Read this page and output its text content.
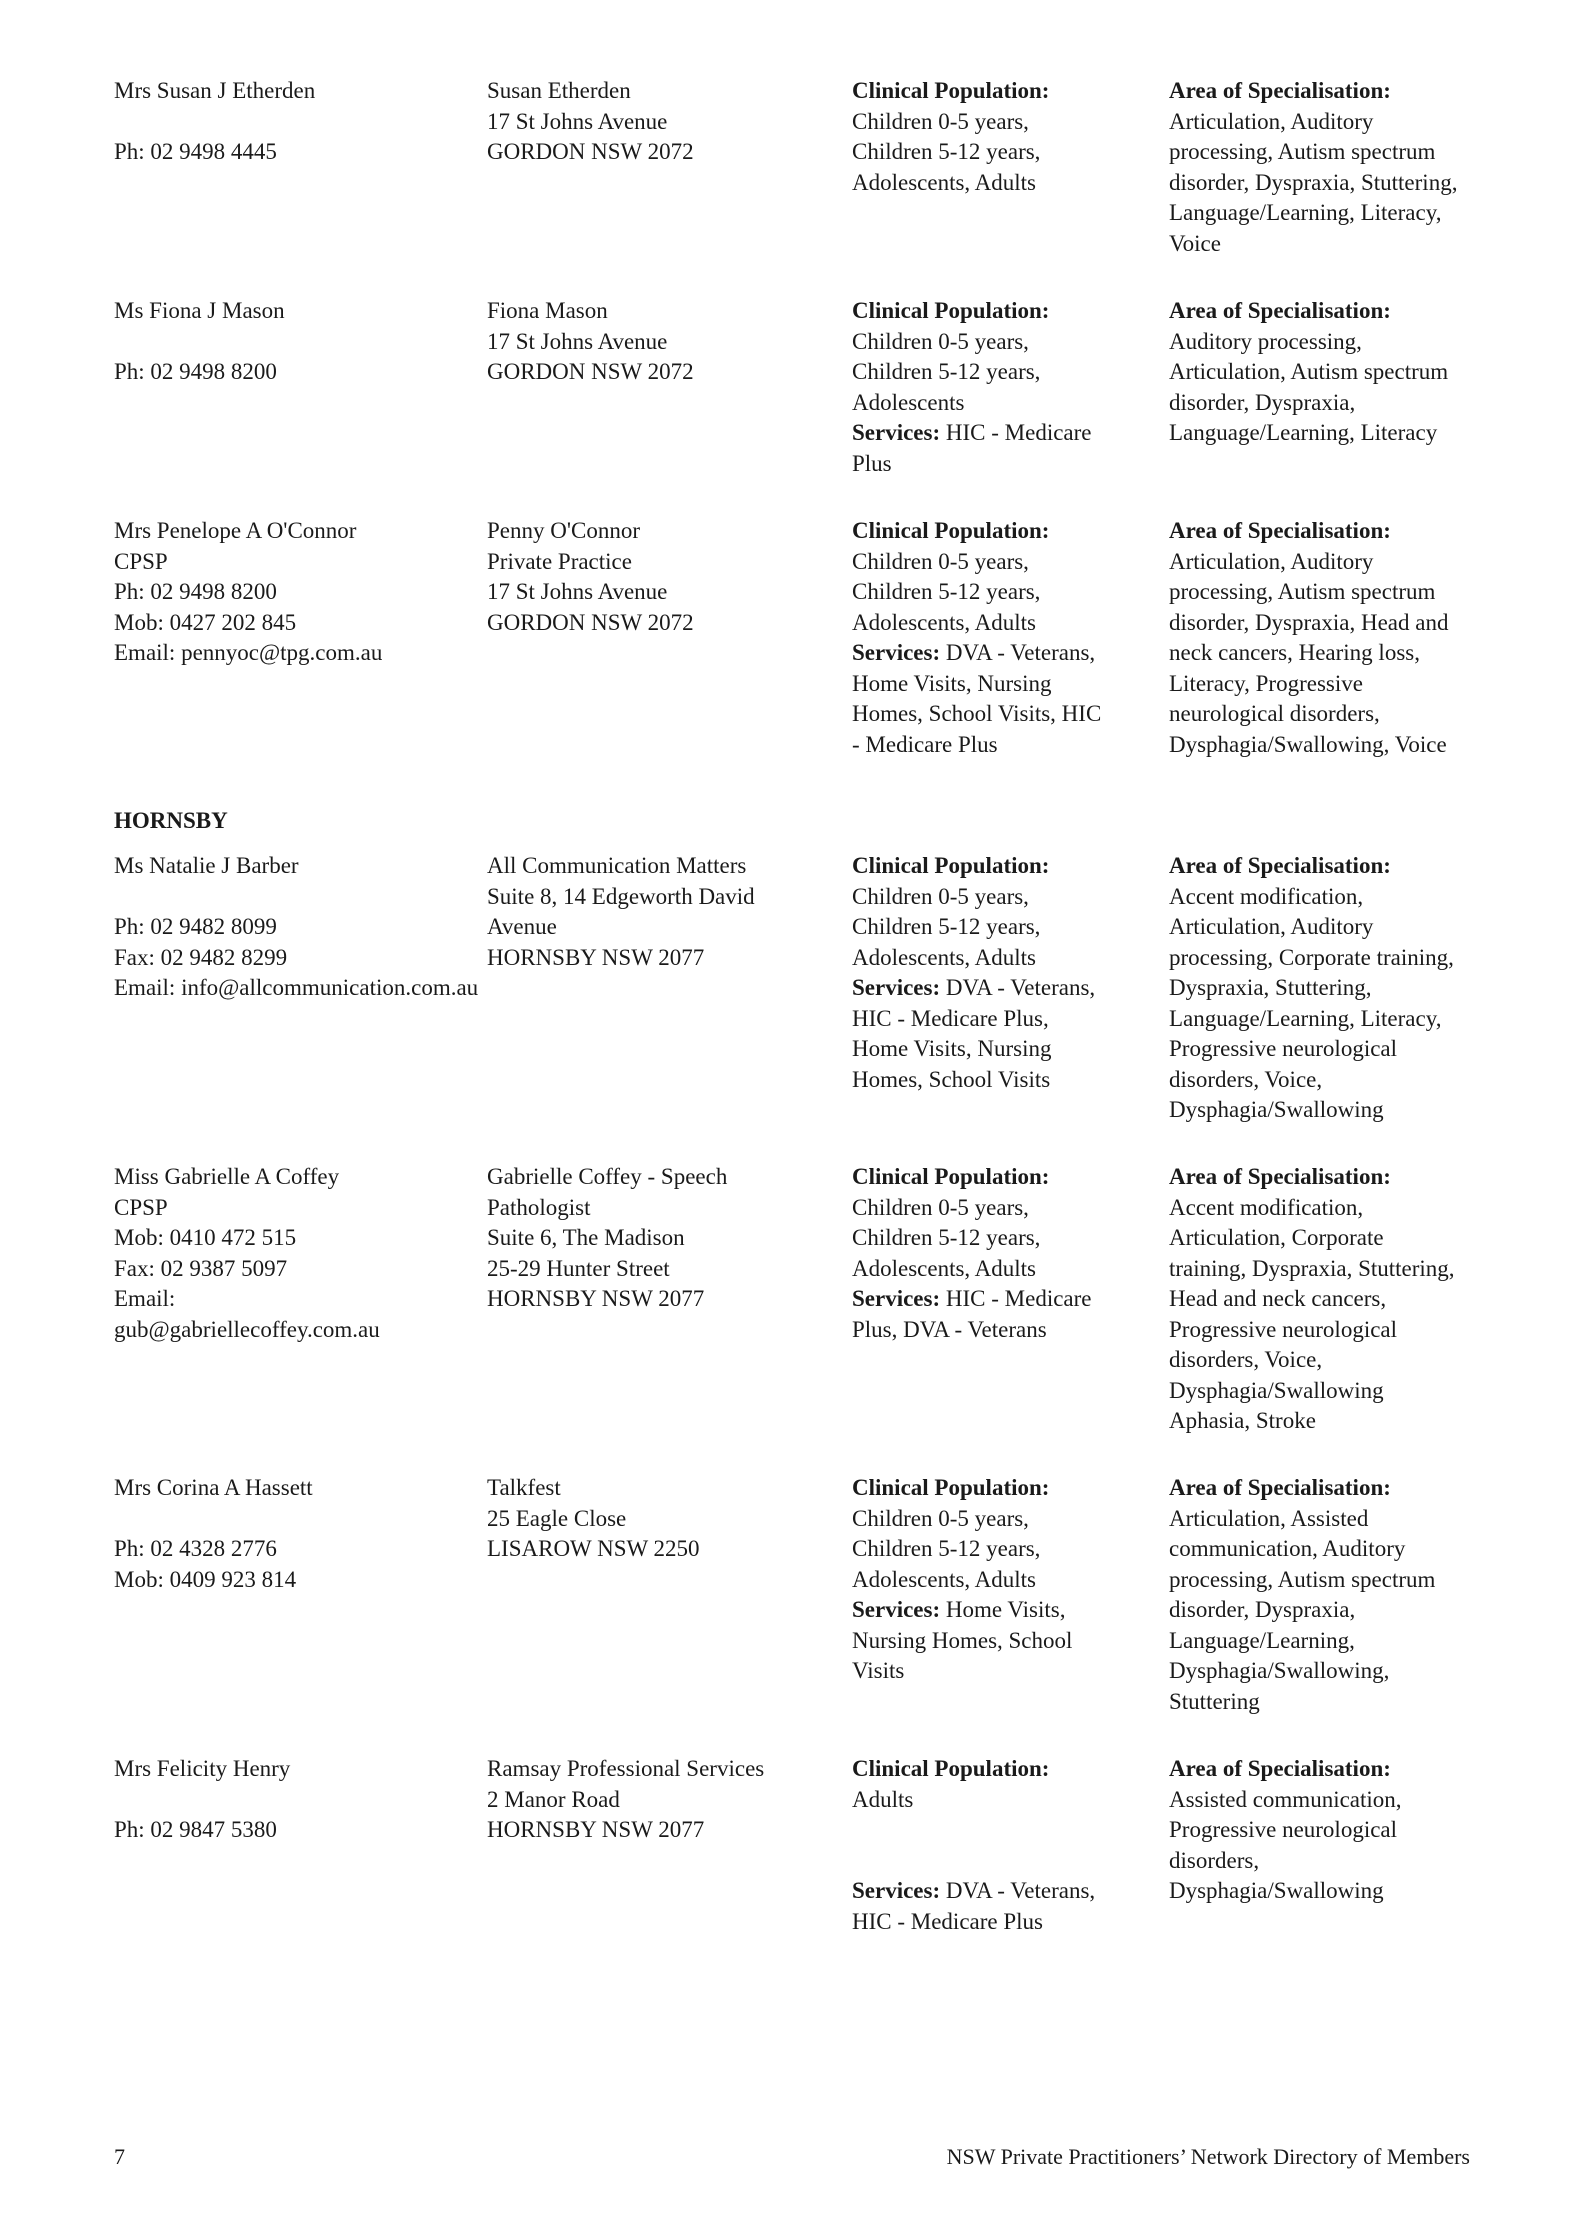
Mrs Susan J Etherden
Ph: 02 9498 4445
Susan Etherden
17 St Johns Avenue
GORDON NSW 2072
Clinical Population:
Children 0-5 years,
Children 5-12 years,
Adolescents, Adults
Area of Specialisation:
Articulation, Auditory
processing, Autism spectrum
disorder, Dyspraxia, Stuttering,
Language/Learning, Literacy,
Voice
Ms Fiona J Mason
Ph: 02 9498 8200
Fiona Mason
17 St Johns Avenue
GORDON NSW 2072
Clinical Population:
Children 0-5 years,
Children 5-12 years,
Adolescents
Services: HIC - Medicare
Plus
Area of Specialisation:
Auditory processing,
Articulation, Autism spectrum
disorder, Dyspraxia,
Language/Learning, Literacy
Mrs Penelope A O'Connor
CPSP
Ph: 02 9498 8200
Mob: 0427 202 845
Email: pennyoc@tpg.com.au
Penny O'Connor
Private Practice
17 St Johns Avenue
GORDON NSW 2072
Clinical Population:
Children 0-5 years,
Children 5-12 years,
Adolescents, Adults
Services: DVA - Veterans,
Home Visits, Nursing
Homes, School Visits, HIC
- Medicare Plus
Area of Specialisation:
Articulation, Auditory
processing, Autism spectrum
disorder, Dyspraxia, Head and
neck cancers, Hearing loss,
Literacy, Progressive
neurological disorders,
Dysphagia/Swallowing, Voice
HORNSBY
Ms Natalie J Barber
Ph: 02 9482 8099
Fax: 02 9482 8299
Email: info@allcommunication.com.au
All Communication Matters
Suite 8, 14 Edgeworth David
Avenue
HORNSBY NSW 2077
Clinical Population:
Children 0-5 years,
Children 5-12 years,
Adolescents, Adults
Services: DVA - Veterans,
HIC - Medicare Plus,
Home Visits, Nursing
Homes, School Visits
Area of Specialisation:
Accent modification,
Articulation, Auditory
processing, Corporate training,
Dyspraxia, Stuttering,
Language/Learning, Literacy,
Progressive neurological
disorders, Voice,
Dysphagia/Swallowing
Miss Gabrielle A Coffey
CPSP
Mob: 0410 472 515
Fax: 02 9387 5097
Email:
gub@gabriellecoffey.com.au
Gabrielle Coffey - Speech
Pathologist
Suite 6, The Madison
25-29 Hunter Street
HORNSBY NSW 2077
Clinical Population:
Children 0-5 years,
Children 5-12 years,
Adolescents, Adults
Services: HIC - Medicare
Plus, DVA - Veterans
Area of Specialisation:
Accent modification,
Articulation, Corporate
training, Dyspraxia, Stuttering,
Head and neck cancers,
Progressive neurological
disorders, Voice,
Dysphagia/Swallowing
Aphasia, Stroke
Mrs Corina A Hassett
Ph: 02 4328 2776
Mob: 0409 923 814
Talkfest
25 Eagle Close
LISAROW NSW 2250
Clinical Population:
Children 0-5 years,
Children 5-12 years,
Adolescents, Adults
Services: Home Visits,
Nursing Homes, School
Visits
Area of Specialisation:
Articulation, Assisted
communication, Auditory
processing, Autism spectrum
disorder, Dyspraxia,
Language/Learning,
Dysphagia/Swallowing,
Stuttering
Mrs Felicity Henry
Ph: 02 9847 5380
Ramsay Professional Services
2 Manor Road
HORNSBY NSW 2077
Clinical Population:
Adults
Services: DVA - Veterans,
HIC - Medicare Plus
Area of Specialisation:
Assisted communication,
Progressive neurological
disorders,
Dysphagia/Swallowing
7	NSW Private Practitioners’ Network Directory of Members
